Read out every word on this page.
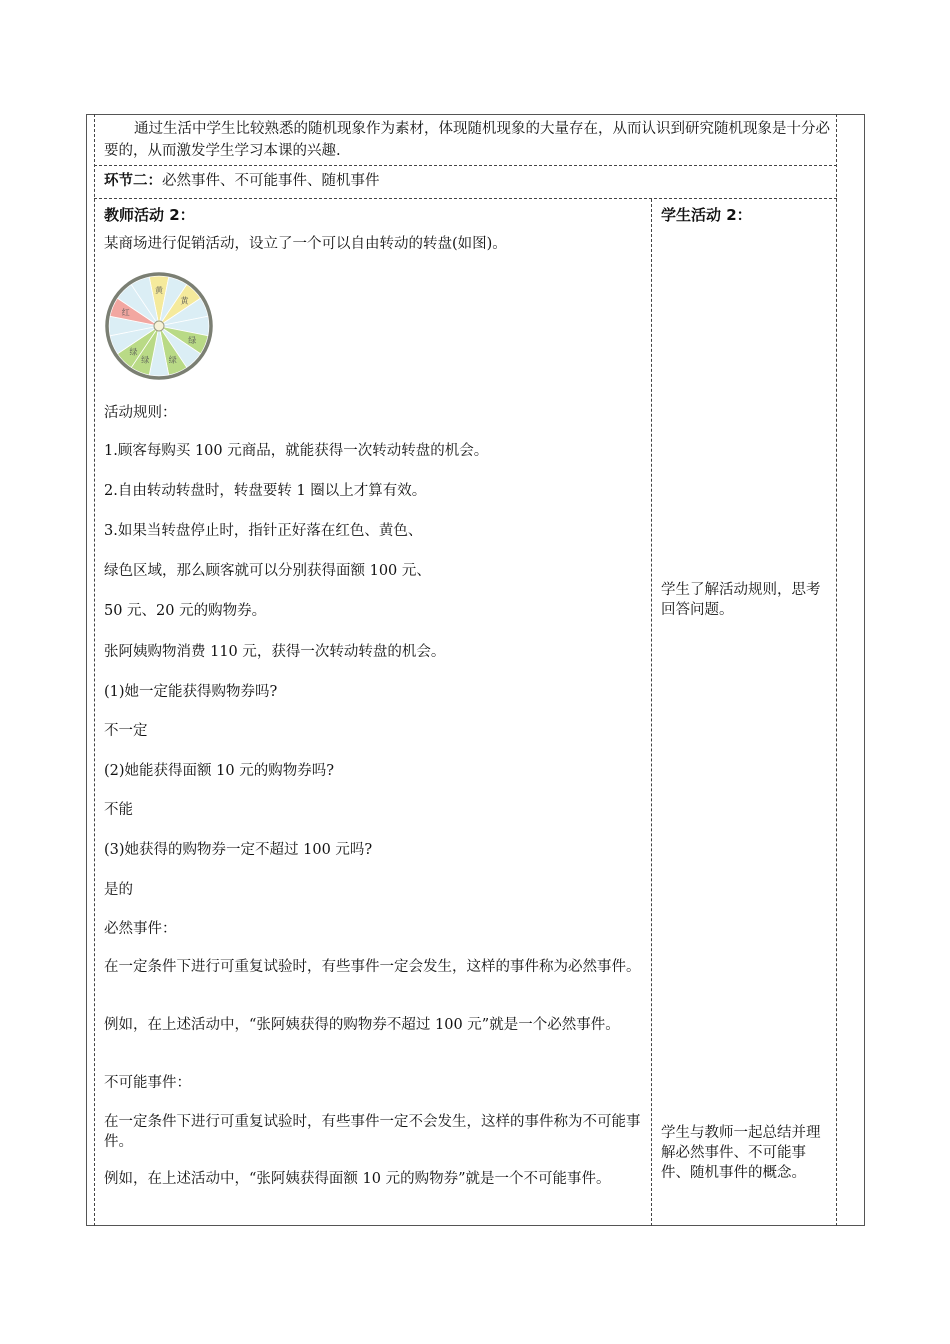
通过生活中学生比较熟悉的随机现象作为素材，体现随机现象的大量存在，从而认识到研究随机现象是十分必要的，从而激发学生学习本课的兴趣.
环节二：必然事件、不可能事件、随机事件
教师活动 2：	学生活动 2：
某商场进行促销活动，设立了一个可以自由转动的转盘(如图)。
黄
黄
绿
绿
绿
绿
红
活动规则：
1.顾客每购买 100 元商品，就能获得一次转动转盘的机会。
2.自由转动转盘时，转盘要转 1 圈以上才算有效。
3.如果当转盘停止时，指针正好落在红色、黄色、
绿色区域，那么顾客就可以分别获得面额 100 元、
50 元、20 元的购物券。
张阿姨购物消费 110 元，获得一次转动转盘的机会。
(1)她一定能获得购物券吗?
不一定
(2)她能获得面额 10 元的购物券吗?
不能
(3)她获得的购物券一定不超过 100 元吗?
是的
必然事件：
在一定条件下进行可重复试验时，有些事件一定会发生，这样的事件称为必然事件。
例如，在上述活动中，“张阿姨获得的购物券不超过 100 元”就是一个必然事件。
不可能事件：
在一定条件下进行可重复试验时，有些事件一定不会发生，这样的事件称为不可能事件。
例如，在上述活动中，“张阿姨获得面额 10 元的购物券”就是一个不可能事件。
学生了解活动规则，思考回答问题。
学生与教师一起总结并理解必然事件、不可能事件、随机事件的概念。
